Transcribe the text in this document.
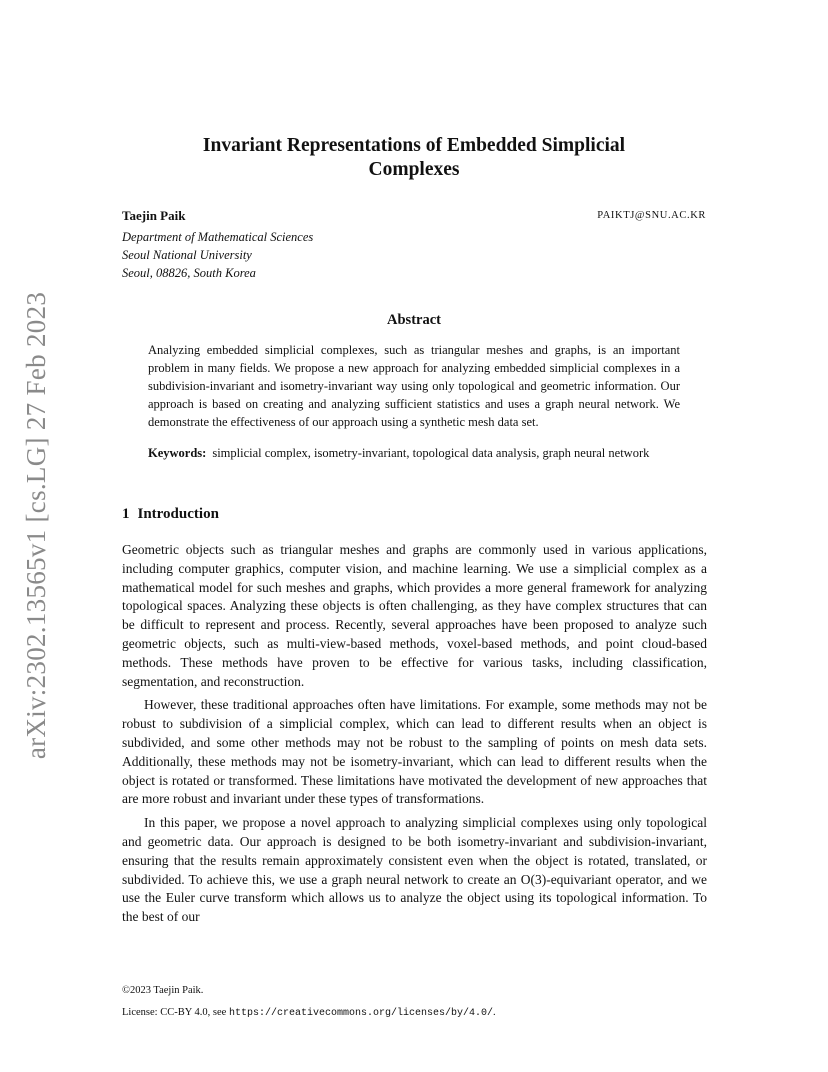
arXiv:2302.13565v1 [cs.LG] 27 Feb 2023
Invariant Representations of Embedded Simplicial
Complexes
Taejin Paik	PAIKTJ@SNU.AC.KR
Department of Mathematical Sciences
Seoul National University
Seoul, 08826, South Korea
Abstract
Analyzing embedded simplicial complexes, such as triangular meshes and graphs, is an important problem in many fields. We propose a new approach for analyzing embedded simplicial complexes in a subdivision-invariant and isometry-invariant way using only topological and geometric information. Our approach is based on creating and analyzing sufficient statistics and uses a graph neural network. We demonstrate the effectiveness of our approach using a synthetic mesh data set.
Keywords: simplicial complex, isometry-invariant, topological data analysis, graph neural network
1 Introduction

Geometric objects such as triangular meshes and graphs are commonly used in various applications, including computer graphics, computer vision, and machine learning. We use a simplicial complex as a mathematical model for such meshes and graphs, which provides a more general framework for analyzing topological spaces. Analyzing these objects is often challenging, as they have complex structures that can be difficult to represent and process. Recently, several approaches have been proposed to analyze such geometric objects, such as multi-view-based methods, voxel-based methods, and point cloud-based methods. These methods have proven to be effective for various tasks, including classification, segmentation, and reconstruction.

However, these traditional approaches often have limitations. For example, some methods may not be robust to subdivision of a simplicial complex, which can lead to different results when an object is subdivided, and some other methods may not be robust to the sampling of points on mesh data sets. Additionally, these methods may not be isometry-invariant, which can lead to different results when the object is rotated or transformed. These limitations have motivated the development of new approaches that are more robust and invariant under these types of transformations.

In this paper, we propose a novel approach to analyzing simplicial complexes using only topological and geometric data. Our approach is designed to be both isometry-invariant and subdivision-invariant, ensuring that the results remain approximately consistent even when the object is rotated, translated, or subdivided. To achieve this, we use a graph neural network to create an O(3)-equivariant operator, and we use the Euler curve transform which allows us to analyze the object using its topological information. To the best of our

©2023 Taejin Paik.
License: CC-BY 4.0, see https://creativecommons.org/licenses/by/4.0/.
